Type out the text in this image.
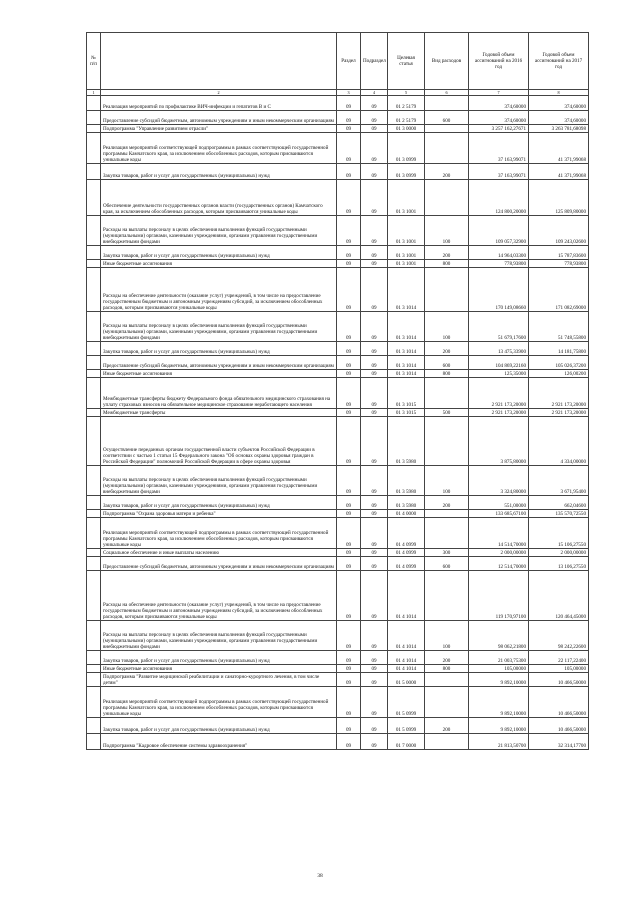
№ п/п		Раздел	Подраздел	Целевая статья	Вид расходов	Годовой объем ассигнований на 2016 год	Годовой объем ассигнований на 2017 год
1	2	3	4	5	6	7	8
	Реализация мероприятий по профилактике ВИЧ-инфекции и гепатитов В и С	09	09	01 2 5179		374,60000	374,60000
	Предоставление субсидий бюджетным, автономным учреждениям и иным некоммерческим организациям	09	09	01 2 5179	600	374,60000	374,60000
	Подпрограмма "Управление развитием отрасли"	09	09	01 3 0000		3 257 162,27671	3 263 781,68098
	Реализация мероприятий соответствующей подпрограммы в рамках соответствующей государственной программы Камчатского края, за исключением обособленных расходов, которым присваиваются уникальные коды	09	09	01 3 0999		37 163,99071	41 371,99068
	Закупка товаров, работ и услуг для государственных (муниципальных) нужд	09	09	01 3 0999	200	37 163,99071	41 371,99068
	Обеспечение деятельности государственных органов власти (государственных органов) Камчатского края, за исключением обособленных расходов, которым присваиваются уникальные коды	09	09	01 3 1001		124 800,20000	125 809,80000
	Расходы на выплаты персоналу в целях обеспечения выполнения функций государственными (муниципальными) органами, казенными учреждениями, органами управления государственными внебюджетными фондами	09	09	01 3 1001	100	109 057,32900	109 243,02600
	Закупка товаров, работ и услуг для государственных (муниципальных) нужд	09	09	01 3 1001	200	14 964,03300	15 787,83600
	Иные бюджетные ассигнования	09	09	01 3 1001	800	778,93800	778,93800
	Расходы на обеспечение деятельности (оказание услуг) учреждений, в том числе на предоставление государственным бюджетным и автономным учреждениям субсидий, за исключением обособленных расходов, которым присваиваются уникальные коды	09	09	01 3 1014		170 149,08660	171 082,69000
	Расходы на выплаты персоналу в целях обеспечения выполнения функций государственными (муниципальными) органами, казенными учреждениями, органами управления государственными внебюджетными фондами	09	09	01 3 1014	100	51 679,17600	51 748,55800
	Закупка товаров, работ и услуг для государственных (муниципальных) нужд	09	09	01 3 1014	200	13 475,33900	14 181,75800
	Предоставление субсидий бюджетным, автономным учреждениям и иным некоммерческим организациям	09	09	01 3 1014	600	104 869,22160	105 026,37200
	Иные бюджетные ассигнования	09	09	01 3 1014	800	125,35000	126,00200
	Межбюджетные трансферты бюджету Федерального фонда обязательного медицинского страхования на уплату страховых взносов на обязательное медицинское страхование неработающего населения	09	09	01 3 1015		2 921 173,20000	2 921 173,20000
	Межбюджетные трансферты	09	09	01 3 1015	500	2 921 173,20000	2 921 173,20000
	Осуществление переданных органам государственной власти субъектов Российской Федерации в соответствии с частью 1 статьи 15 Федерального закона "Об основах охраны здоровья граждан в Российской Федерации" полномочий Российской Федерации в сфере охраны здоровья	09	09	01 3 5980		3 875,80000	4 334,00000
	Расходы на выплаты персоналу в целях обеспечения выполнения функций государственными (муниципальными) органами, казенными учреждениями, органами управления государственными внебюджетными фондами	09	09	01 3 5980	100	3 324,80000	3 671,95400
	Закупка товаров, работ и услуг для государственных (муниципальных) нужд	09	09	01 3 5980	200	551,00000	662,04600
	Подпрограмма "Охрана здоровья матери и ребенка"	09	09	01 4 0000		133 685,67100	135 570,72550
	Реализация мероприятий соответствующей подпрограммы в рамках соответствующей государственной программы Камчатского края, за исключением обособленных расходов, которым присваиваются уникальные коды	09	09	01 4 0999		14 514,70000	15 106,27550
	Социальное обеспечение и иные выплаты населению	09	09	01 4 0999	300	2 000,00000	2 000,00000
	Предоставление субсидий бюджетным, автономным учреждениям и иным некоммерческим организациям	09	09	01 4 0999	600	12 514,70000	13 106,27550
	Расходы на обеспечение деятельности (оказание услуг) учреждений, в том числе на предоставление государственным бюджетным и автономным учреждениям субсидий, за исключением обособленных расходов, которым присваиваются уникальные коды	09	09	01 4 1014		119 170,97100	120 464,45000
	Расходы на выплаты персоналу в целях обеспечения выполнения функций государственными (муниципальными) органами, казенными учреждениями, органами управления государственными внебюджетными фондами	09	09	01 4 1014	100	98 062,21800	98 242,22600
	Закупка товаров, работ и услуг для государственных (муниципальных) нужд	09	09	01 4 1014	200	21 003,75300	22 117,22400
	Иные бюджетные ассигнования	09	09	01 4 1014	800	105,00000	105,00000
	Подпрограмма "Развитие медицинской реабилитации и санаторно-курортного лечения, в том числе детям"	09	09	01 5 0000		9 892,10000	10 466,50000
	Реализация мероприятий соответствующей подпрограммы в рамках соответствующей государственной программы Камчатского края, за исключением обособленных расходов, которым присваиваются уникальные коды	09	09	01 5 0999		9 892,10000	10 466,50000
	Закупка товаров, работ и услуг для государственных (муниципальных) нужд	09	09	01 5 0999	200	9 892,10000	10 466,50000
	Подпрограмма "Кадровое обеспечение системы здравоохранения"	09	09	01 7 0000		21 813,50700	32 314,17700
38
